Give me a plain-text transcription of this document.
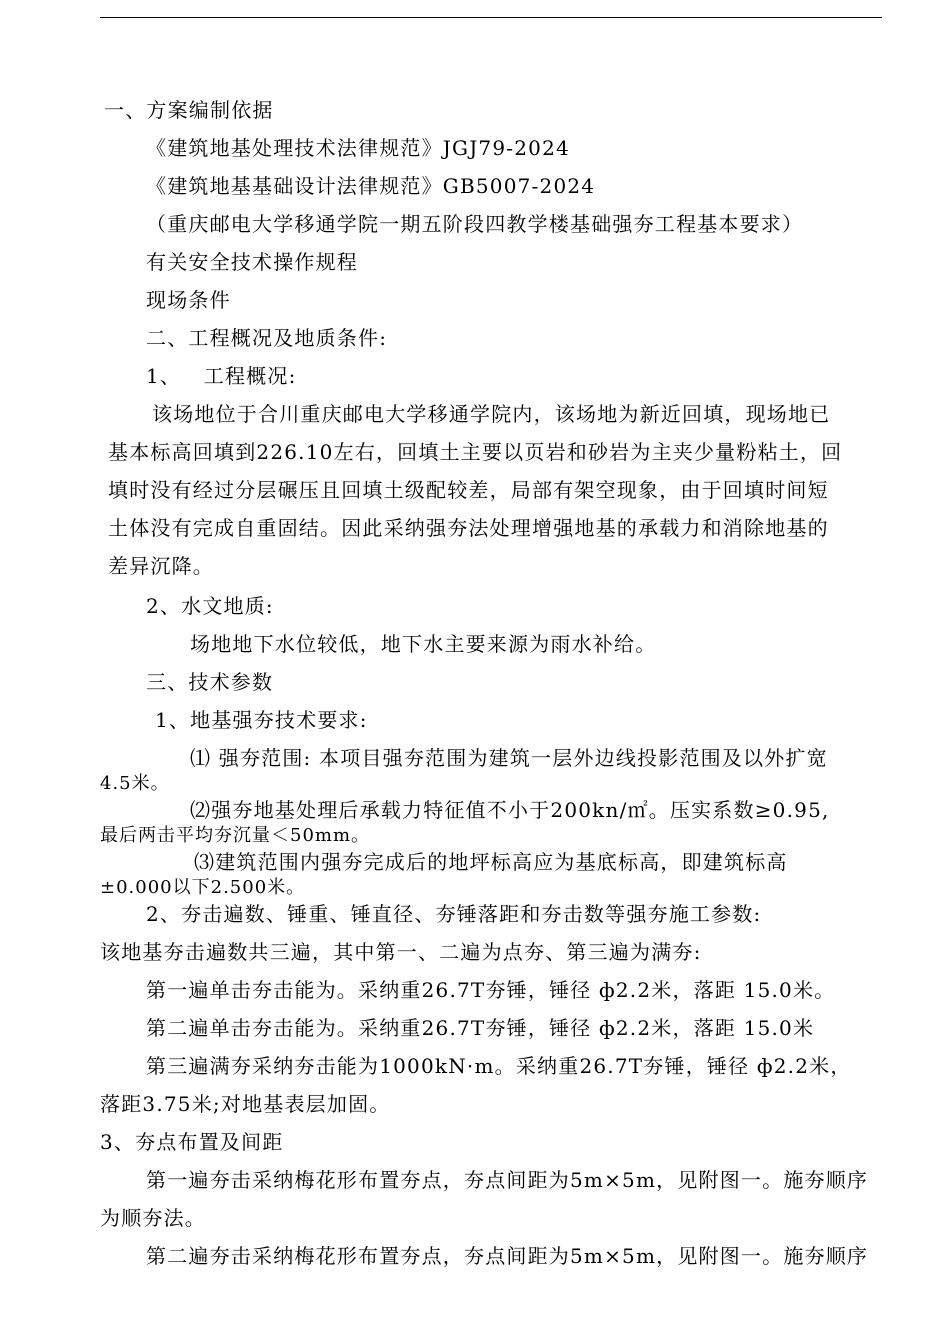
一、方案编制依据
《建筑地基处理技术法律规范》JGJ79-2024
《建筑地基基础设计法律规范》GB5007-2024
（重庆邮电大学移通学院一期五阶段四教学楼基础强夯工程基本要求）
有关安全技术操作规程
现场条件
二、工程概况及地质条件:
1、   工程概况:
该场地位于合川重庆邮电大学移通学院内，该场地为新近回填，现场地已
基本标高回填到226.10左右，回填土主要以页岩和砂岩为主夹少量粉粘土，回
填时没有经过分层碾压且回填土级配较差，局部有架空现象，由于回填时间短
土体没有完成自重固结。因此采纳强夯法处理增强地基的承载力和消除地基的
差异沉降。
2、水文地质:
场地地下水位较低，地下水主要来源为雨水补给。
三、技术参数
1、地基强夯技术要求:
⑴ 强夯范围: 本项目强夯范围为建筑一层外边线投影范围及以外扩宽
4.5米。
⑵强夯地基处理后承载力特征值不小于200kn/㎡。压实系数≥0.95,
最后两击平均夯沉量＜50mm。
⑶建筑范围内强夯完成后的地坪标高应为基底标高，即建筑标高
±0.000以下2.500米。
2、夯击遍数、锤重、锤直径、夯锤落距和夯击数等强夯施工参数:
该地基夯击遍数共三遍，其中第一、二遍为点夯、第三遍为满夯:
第一遍单击夯击能为。采纳重26.7T夯锤，锤径 ф2.2米，落距 15.0米。
第二遍单击夯击能为。采纳重26.7T夯锤，锤径 ф2.2米，落距 15.0米
第三遍满夯采纳夯击能为1000kN·m。采纳重26.7T夯锤，锤径 ф2.2米，
落距3.75米;对地基表层加固。
3、夯点布置及间距
第一遍夯击采纳梅花形布置夯点，夯点间距为5m×5m，见附图一。施夯顺序
为顺夯法。
第二遍夯击采纳梅花形布置夯点，夯点间距为5m×5m，见附图一。施夯顺序
